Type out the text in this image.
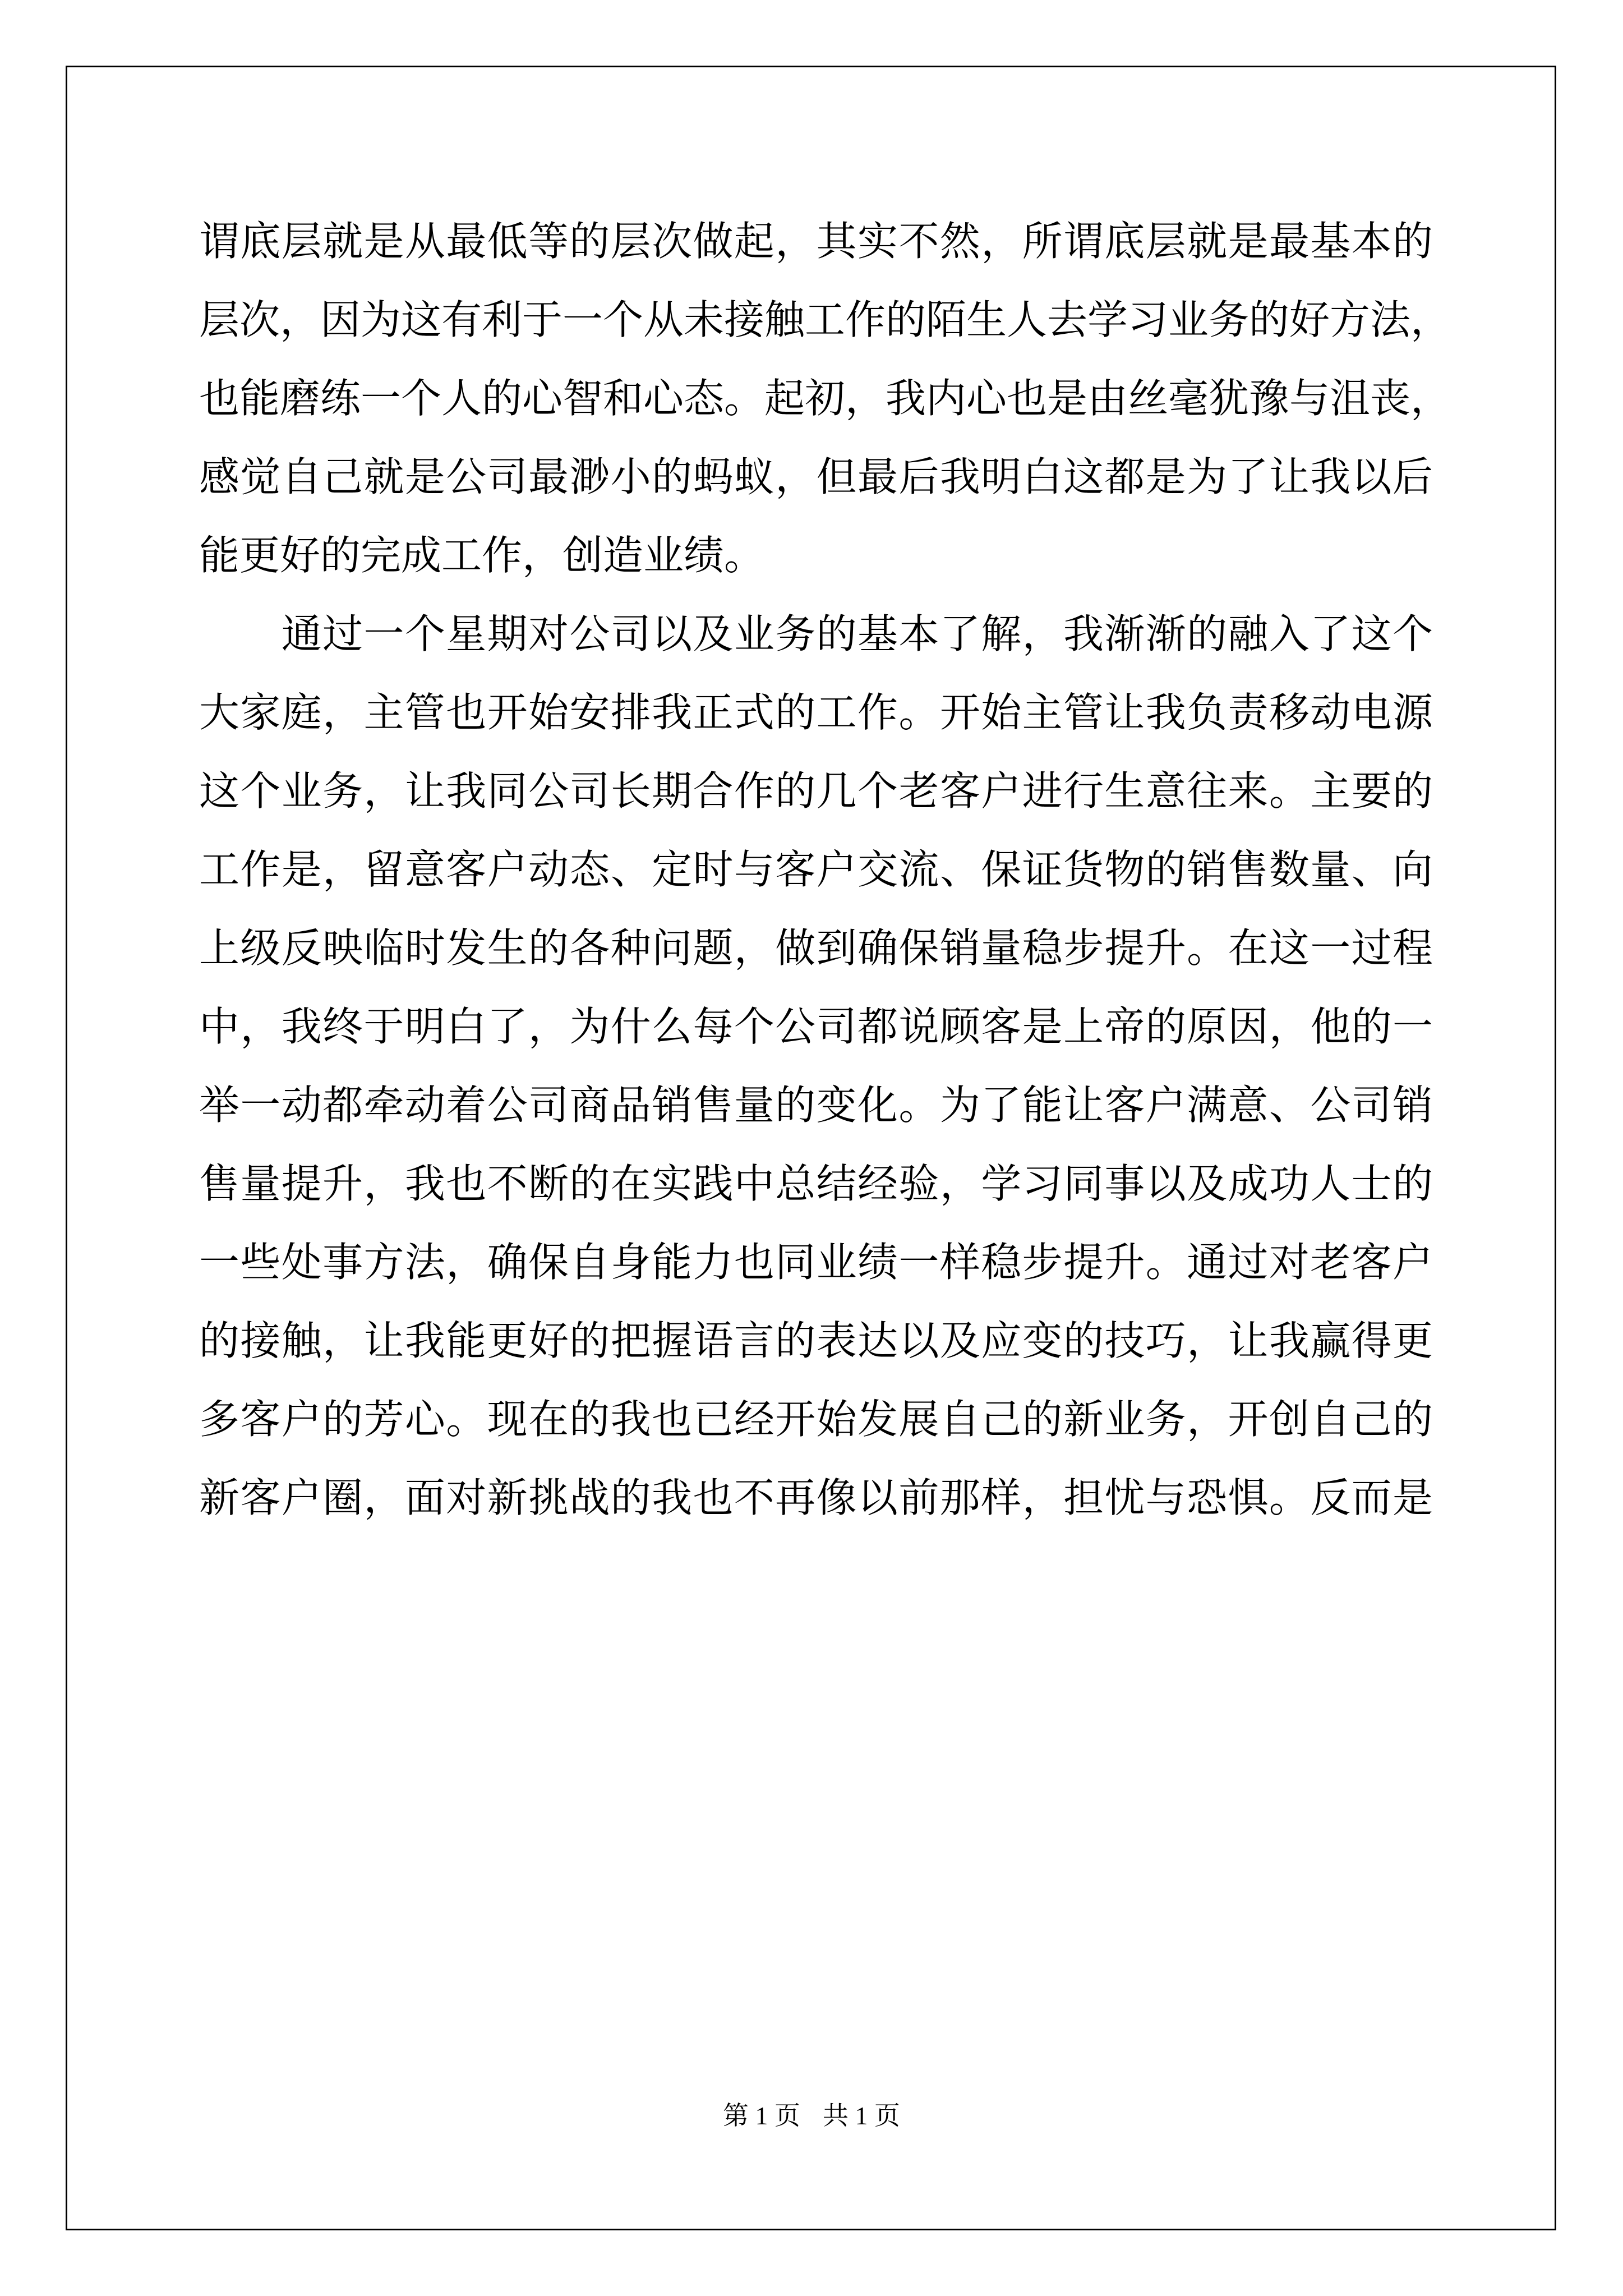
谓底层就是从最低等的层次做起，其实不然，所谓底层就是最基本的
层次，因为这有利于一个从未接触工作的陌生人去学习业务的好方法，
也能磨练一个人的心智和心态。起初，我内心也是由丝毫犹豫与沮丧，
感觉自己就是公司最渺小的蚂蚁，但最后我明白这都是为了让我以后
能更好的完成工作，创造业绩。
　　通过一个星期对公司以及业务的基本了解，我渐渐的融入了这个
大家庭，主管也开始安排我正式的工作。开始主管让我负责移动电源
这个业务，让我同公司长期合作的几个老客户进行生意往来。主要的
工作是，留意客户动态、定时与客户交流、保证货物的销售数量、向
上级反映临时发生的各种问题，做到确保销量稳步提升。在这一过程
中，我终于明白了，为什么每个公司都说顾客是上帝的原因，他的一
举一动都牵动着公司商品销售量的变化。为了能让客户满意、公司销
售量提升，我也不断的在实践中总结经验，学习同事以及成功人士的
一些处事方法，确保自身能力也同业绩一样稳步提升。通过对老客户
的接触，让我能更好的把握语言的表达以及应变的技巧，让我赢得更
多客户的芳心。现在的我也已经开始发展自己的新业务，开创自己的
新客户圈，面对新挑战的我也不再像以前那样，担忧与恐惧。反而是
第 1 页 共 1 页
